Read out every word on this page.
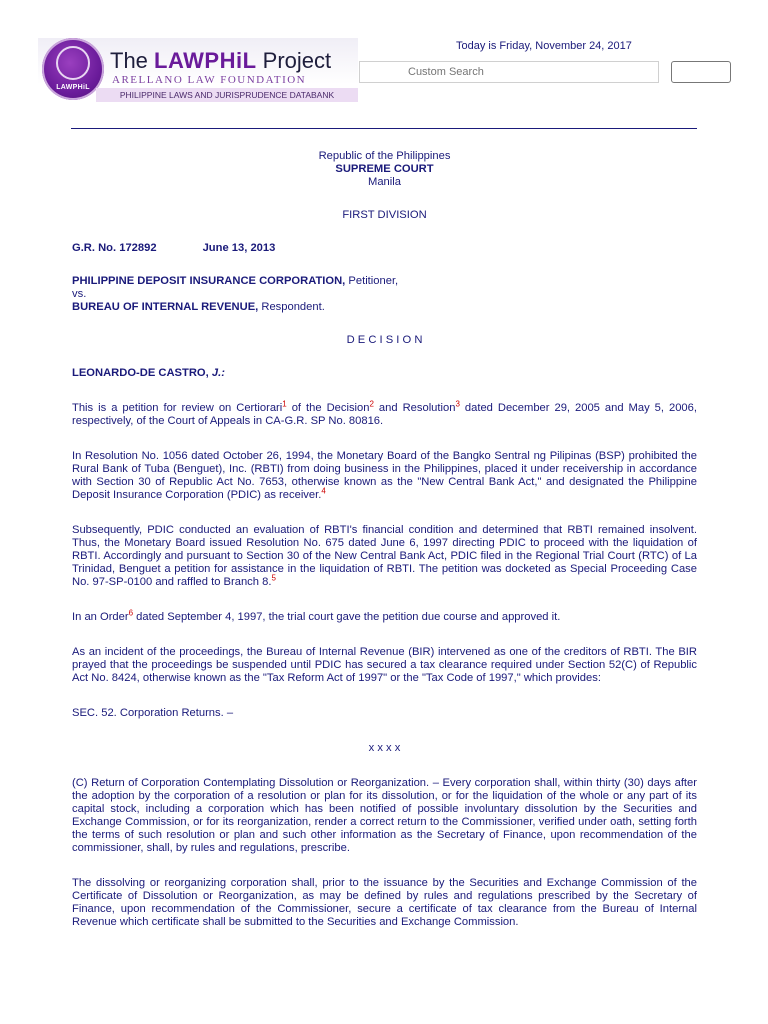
LAWPHiL
The LAWPHiL Project
ARELLANO LAW FOUNDATION
PHILIPPINE LAWS AND JURISPRUDENCE DATABANK
Today is Friday, November 24, 2017
Custom Search

Republic of the Philippines

SUPREME COURT

Manila

FIRST DIVISION

G.R. No. 172892	June 13, 2013

PHILIPPINE DEPOSIT INSURANCE CORPORATION, Petitioner,

vs.

BUREAU OF INTERNAL REVENUE, Respondent.

D E C I S I O N

LEONARDO-DE CASTRO, J.:

This is a petition for review on Certiorari$^1$ of the Decision$^2$ and Resolution$^3$ dated December 29, 2005 and May 5, 2006, respectively, of the Court of Appeals in CA-G.R. SP No. 80816.

In Resolution No. 1056 dated October 26, 1994, the Monetary Board of the Bangko Sentral ng Pilipinas (BSP) prohibited the Rural Bank of Tuba (Benguet), Inc. (RBTI) from doing business in the Philippines, placed it under receivership in accordance with Section 30 of Republic Act No. 7653, otherwise known as the "New Central Bank Act," and designated the Philippine Deposit Insurance Corporation (PDIC) as receiver.$^4$

Subsequently, PDIC conducted an evaluation of RBTI's financial condition and determined that RBTI remained insolvent. Thus, the Monetary Board issued Resolution No. 675 dated June 6, 1997 directing PDIC to proceed with the liquidation of RBTI. Accordingly and pursuant to Section 30 of the New Central Bank Act, PDIC filed in the Regional Trial Court (RTC) of La Trinidad, Benguet a petition for assistance in the liquidation of RBTI. The petition was docketed as Special Proceeding Case No. 97-SP-0100 and raffled to Branch 8.$^5$

In an Order$^6$ dated September 4, 1997, the trial court gave the petition due course and approved it.

As an incident of the proceedings, the Bureau of Internal Revenue (BIR) intervened as one of the creditors of RBTI. The BIR prayed that the proceedings be suspended until PDIC has secured a tax clearance required under Section 52(C) of Republic Act No. 8424, otherwise known as the "Tax Reform Act of 1997" or the "Tax Code of 1997," which provides:

SEC. 52. Corporation Returns. –

x x x x

(C) Return of Corporation Contemplating Dissolution or Reorganization. – Every corporation shall, within thirty (30) days after the adoption by the corporation of a resolution or plan for its dissolution, or for the liquidation of the whole or any part of its capital stock, including a corporation which has been notified of possible involuntary dissolution by the Securities and Exchange Commission, or for its reorganization, render a correct return to the Commissioner, verified under oath, setting forth the terms of such resolution or plan and such other information as the Secretary of Finance, upon recommendation of the commissioner, shall, by rules and regulations, prescribe.

The dissolving or reorganizing corporation shall, prior to the issuance by the Securities and Exchange Commission of the Certificate of Dissolution or Reorganization, as may be defined by rules and regulations prescribed by the Secretary of Finance, upon recommendation of the Commissioner, secure a certificate of tax clearance from the Bureau of Internal Revenue which certificate shall be submitted to the Securities and Exchange Commission.
